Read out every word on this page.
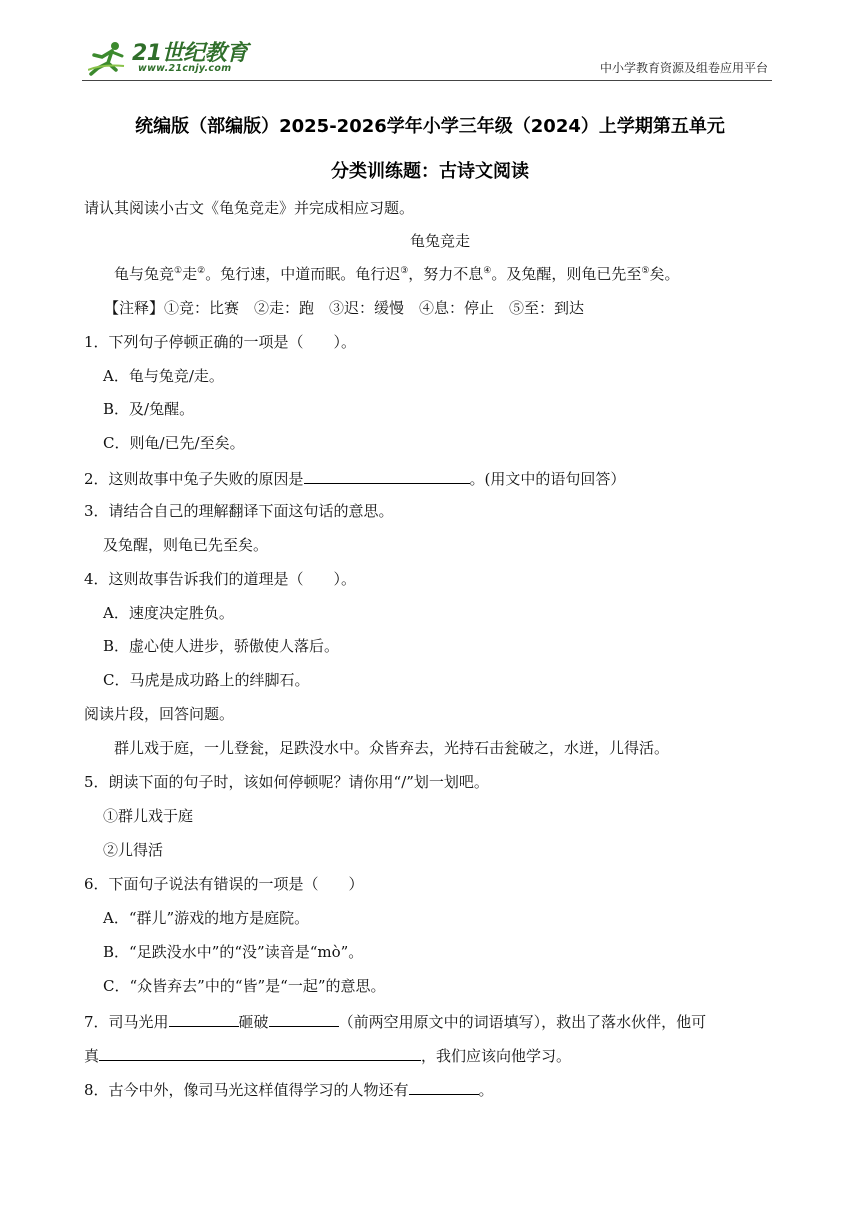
21世纪教育
www.21cnjy.com	中小学教育资源及组卷应用平台
统编版（部编版）2025-2026学年小学三年级（2024）上学期第五单元
分类训练题：古诗文阅读
请认其阅读小古文《龟兔竞走》并完成相应习题。
龟兔竞走
龟与兔竞①走②。兔行速，中道而眠。龟行迟③，努力不息④。及兔醒，则龟已先至⑤矣。
【注释】①竞：比赛　②走：跑　③迟：缓慢　④息：停止　⑤至：到达
1．下列句子停顿正确的一项是（　　）。
A．龟与兔竞/走。
B．及/兔醒。
C．则龟/已先/至矣。
2．这则故事中兔子失败的原因是	。(用文中的语句回答）
3．请结合自己的理解翻译下面这句话的意思。
及兔醒，则龟已先至矣。
4．这则故事告诉我们的道理是（　　）。
A．速度决定胜负。
B．虚心使人进步，骄傲使人落后。
C．马虎是成功路上的绊脚石。
阅读片段，回答问题。
群儿戏于庭，一儿登瓮，足跌没水中。众皆弃去，光持石击瓮破之，水迸，儿得活。
5．朗读下面的句子时，该如何停顿呢？请你用“/”划一划吧。
①群儿戏于庭
②儿得活
6．下面句子说法有错误的一项是（　　）
A．“群儿”游戏的地方是庭院。
B．“足跌没水中”的“没”读音是“mò”。
C．“众皆弃去”中的“皆”是“一起”的意思。
7．司马光用	砸破	（前两空用原文中的词语填写），救出了落水伙伴，他可
真	，我们应该向他学习。
8．古今中外，像司马光这样值得学习的人物还有	。
